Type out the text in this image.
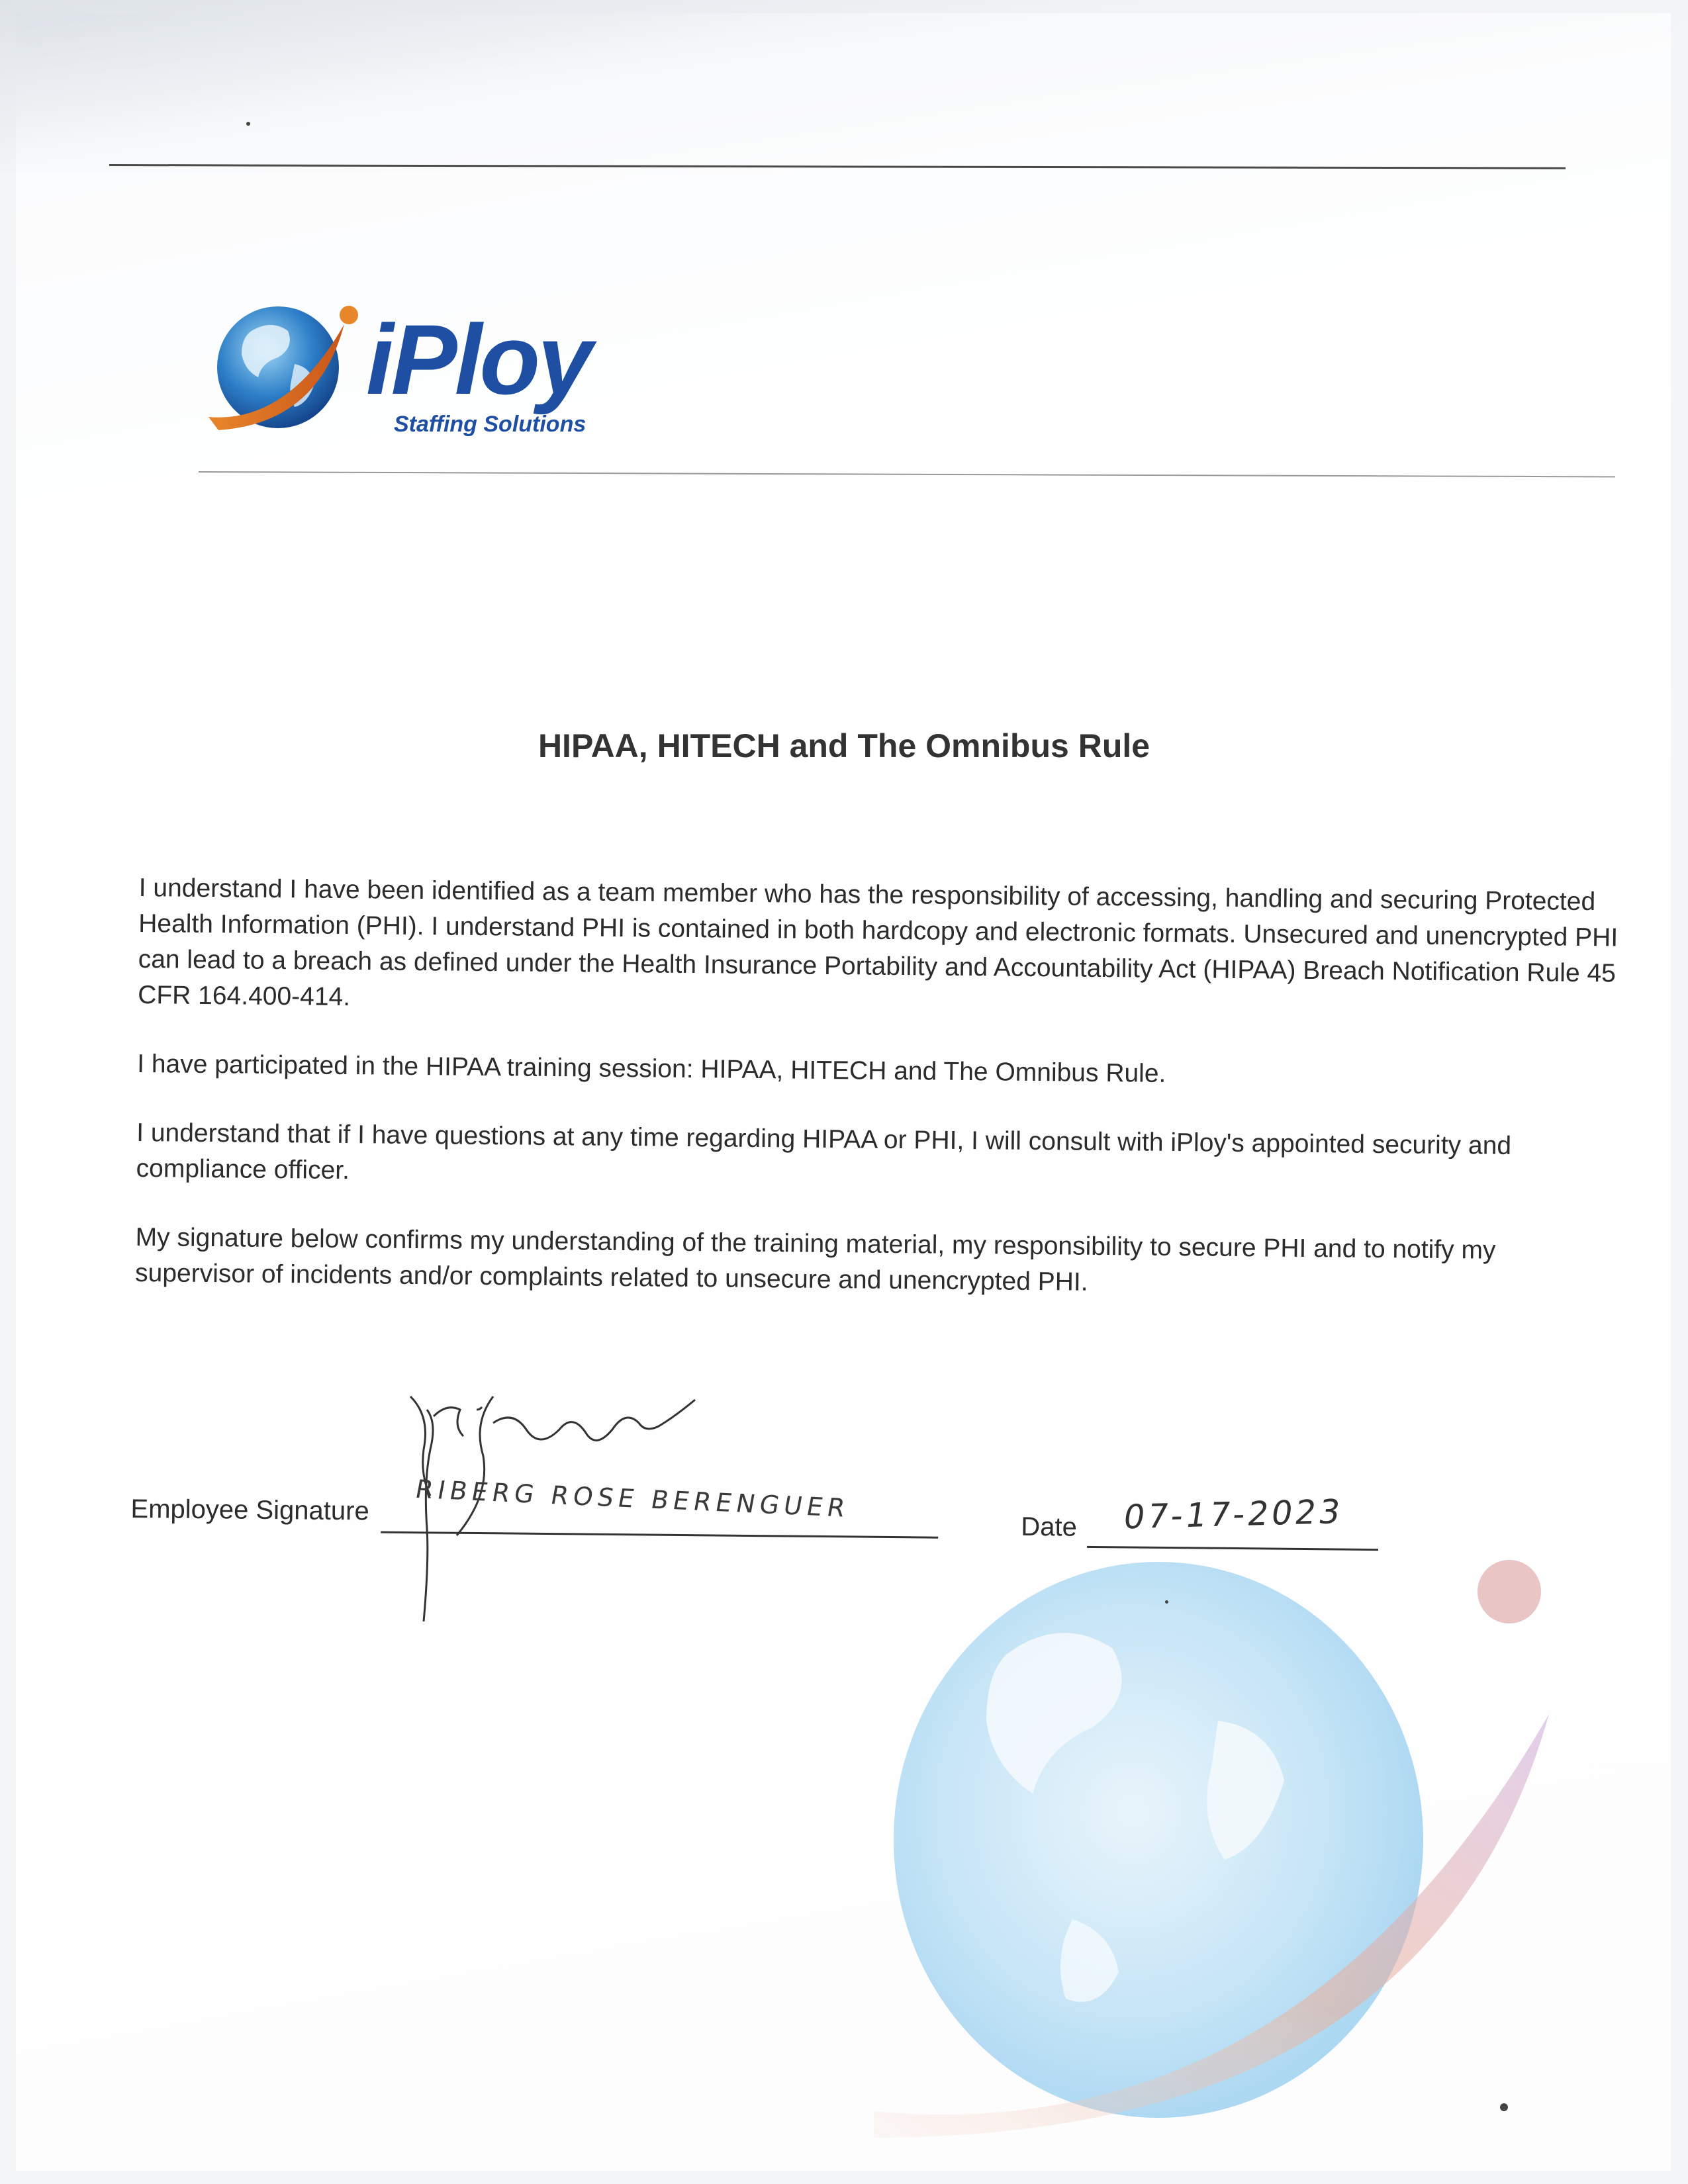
iPloy
Staffing Solutions
HIPAA, HITECH and The Omnibus Rule

I understand I have been identified as a team member who has the responsibility of accessing, handling and securing Protected Health Information (PHI). I understand PHI is contained in both hardcopy and electronic formats. Unsecured and unencrypted PHI can lead to a breach as defined under the Health Insurance Portability and Accountability Act (HIPAA) Breach Notification Rule 45 CFR 164.400-414.

I have participated in the HIPAA training session: HIPAA, HITECH and The Omnibus Rule.

I understand that if I have questions at any time regarding HIPAA or PHI, I will consult with iPloy's appointed security and compliance officer.

My signature below confirms my understanding of the training material, my responsibility to secure PHI and to notify my supervisor of incidents and/or complaints related to unsecure and unencrypted PHI.

Employee Signature RIBERG ROSE BERENGUER
Date 07-17-2023
